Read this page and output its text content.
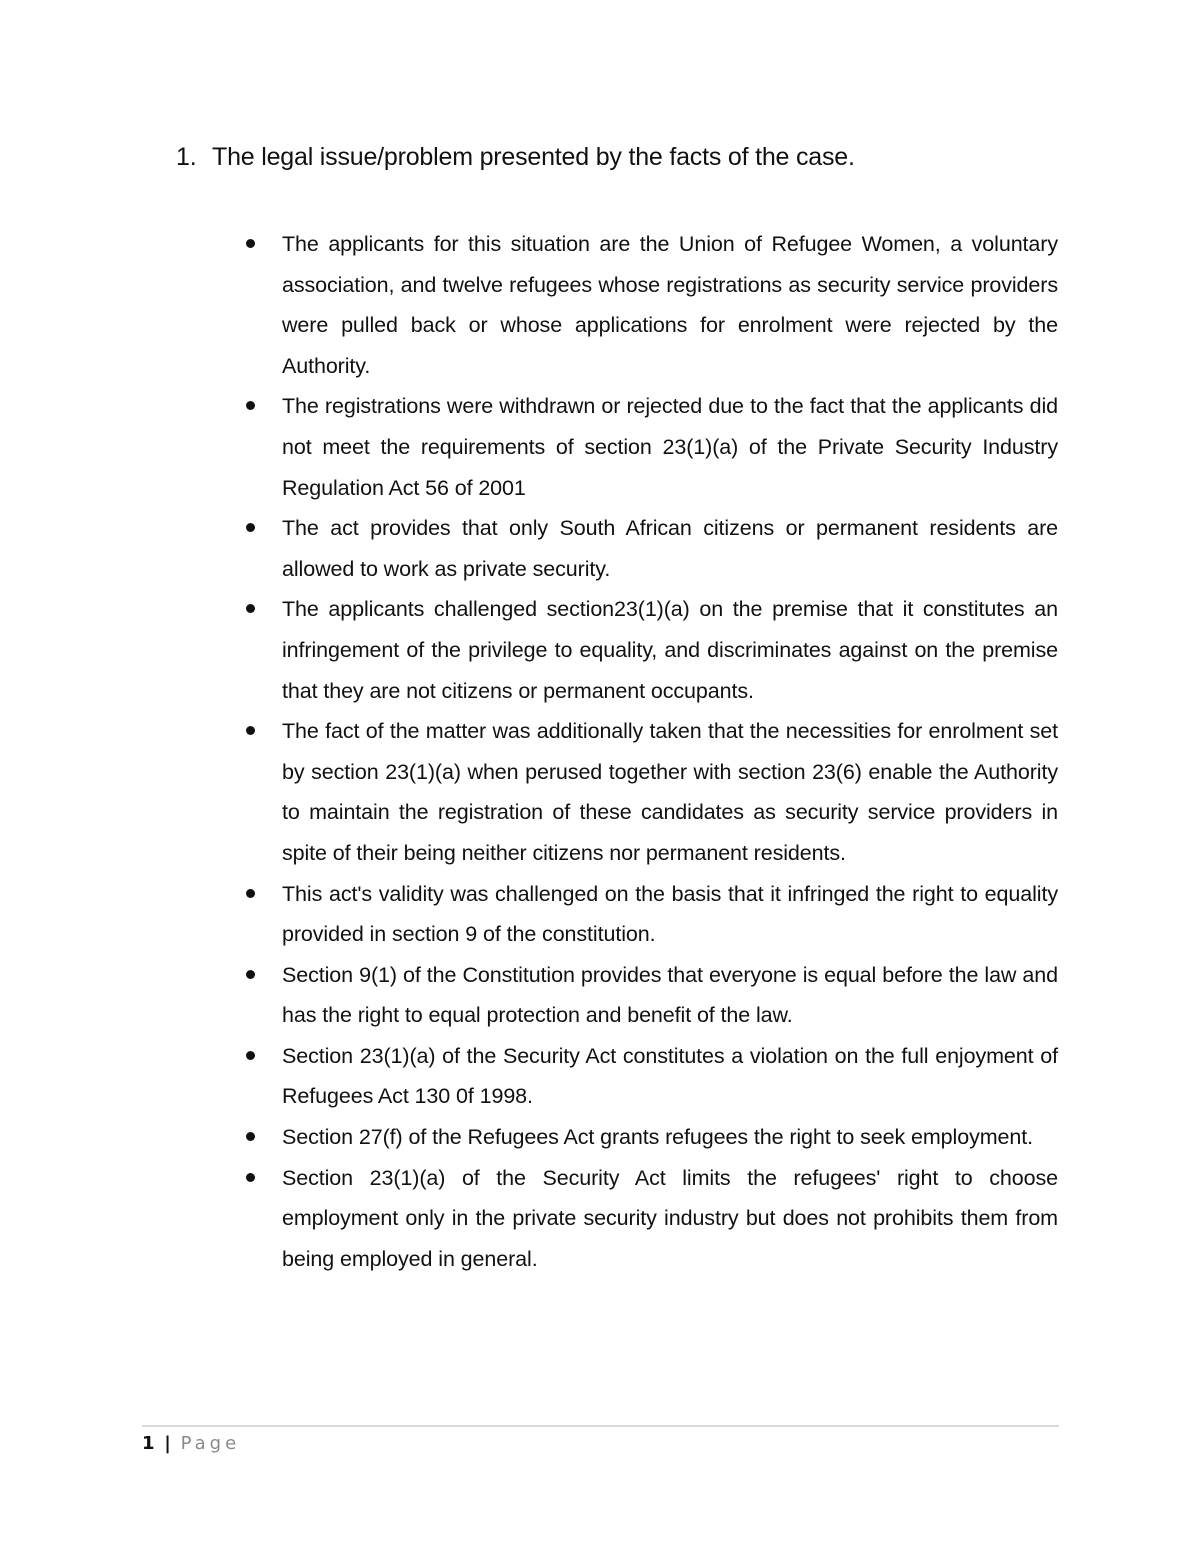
1. The legal issue/problem presented by the facts of the case.
The applicants for this situation are the Union of Refugee Women, a voluntary association, and twelve refugees whose registrations as security service providers were pulled back or whose applications for enrolment were rejected by the Authority.
The registrations were withdrawn or rejected due to the fact that the applicants did not meet the requirements of section 23(1)(a) of the Private Security Industry Regulation Act 56 of 2001
The act provides that only South African citizens or permanent residents are allowed to work as private security.
The applicants challenged section23(1)(a) on the premise that it constitutes an infringement of the privilege to equality, and discriminates against on the premise that they are not citizens or permanent occupants.
The fact of the matter was additionally taken that the necessities for enrolment set by section 23(1)(a) when perused together with section 23(6) enable the Authority to maintain the registration of these candidates as security service providers in spite of their being neither citizens nor permanent residents.
This act's validity was challenged on the basis that it infringed the right to equality provided in section 9 of the constitution.
Section 9(1) of the Constitution provides that everyone is equal before the law and has the right to equal protection and benefit of the law.
Section 23(1)(a) of the Security Act constitutes a violation on the full enjoyment of Refugees Act 130 0f 1998.
Section 27(f) of the Refugees Act grants refugees the right to seek employment.
Section 23(1)(a) of the Security Act limits the refugees' right to choose employment only in the private security industry but does not prohibits them from being employed in general.
1 | Page
